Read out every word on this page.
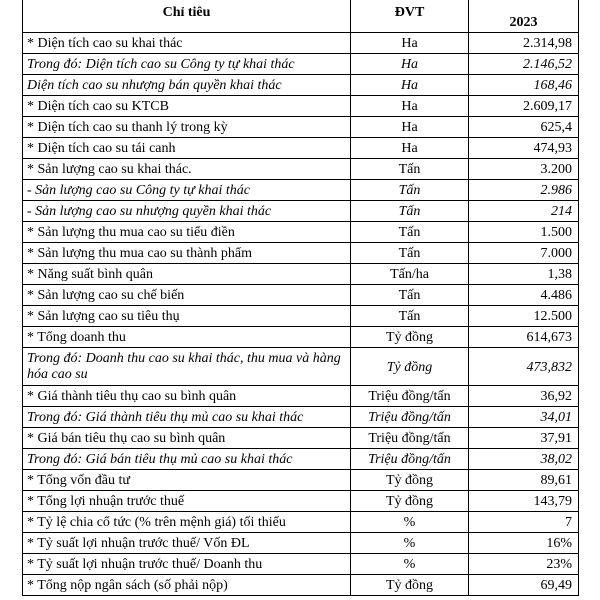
Chỉ tiêu	ĐVT	2023

* Diện tích cao su khai thác	Ha	2.314,98
Trong đó: Diện tích cao su Công ty tự khai thác	Ha	2.146,52
Diện tích cao su nhượng bán quyền khai thác	Ha	168,46
* Diện tích cao su KTCB	Ha	2.609,17
* Diện tích cao su thanh lý trong kỳ	Ha	625,4
* Diện tích cao su tái canh	Ha	474,93
* Sản lượng cao su khai thác.	Tấn	3.200
- Sản lượng cao su Công ty tự khai thác	Tấn	2.986
- Sản lượng cao su nhượng quyền khai thác	Tấn	214
* Sản lượng thu mua cao su tiểu điền	Tấn	1.500
* Sản lượng thu mua cao su thành phẩm	Tấn	7.000
* Năng suất bình quân	Tấn/ha	1,38
* Sản lượng cao su chế biến	Tấn	4.486
* Sản lượng cao su tiêu thụ	Tấn	12.500
* Tổng doanh thu	Tỷ đồng	614,673
Trong đó: Doanh thu cao su khai thác, thu mua và hàng hóa cao su	Tỷ đồng	473,832
* Giá thành tiêu thụ cao su bình quân	Triệu đồng/tấn	36,92
Trong đó: Giá thành tiêu thụ mủ cao su khai thác	Triệu đồng/tấn	34,01
* Giá bán tiêu thụ cao su bình quân	Triệu đồng/tấn	37,91
Trong đó: Giá bán tiêu thụ mủ cao su khai thác	Triệu đồng/tấn	38,02
* Tổng vốn đầu tư	Tỷ đồng	89,61
* Tổng lợi nhuận trước thuế	Tỷ đồng	143,79
* Tỷ lệ chia cổ tức (% trên mệnh giá) tối thiểu	%	7
* Tỷ suất lợi nhuận trước thuế/ Vốn ĐL	%	16%
* Tỷ suất lợi nhuận trước thuế/ Doanh thu	%	23%
* Tổng nộp ngân sách (số phải nộp)	Tỷ đồng	69,49
